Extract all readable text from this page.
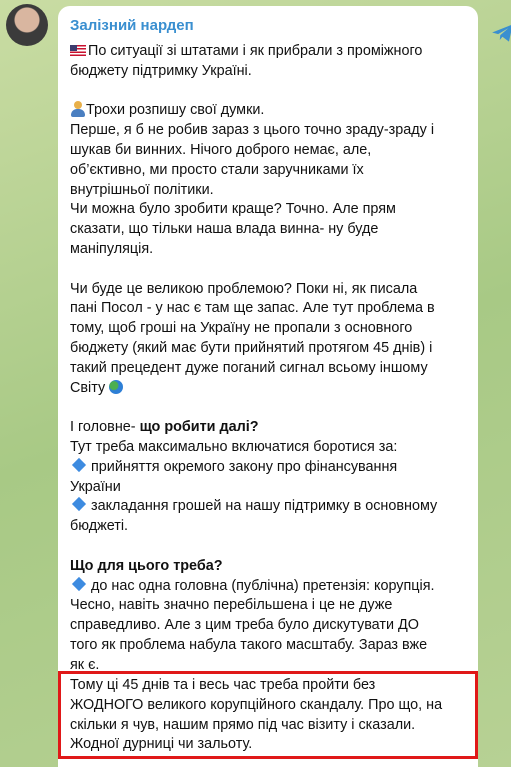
Залізний нардеп
По ситуації зі штатами і як прибрали з проміжного
бюджету підтримку Україні.
Трохи розпишу свої думки.
Перше, я б не робив зараз з цього точно зраду-зраду і
шукав би винних. Нічого доброго немає, але,
об’єктивно, ми просто стали заручниками їх
внутрішньої політики.
Чи можна було зробити краще? Точно. Але прям
сказати, що тільки наша влада винна- ну буде
маніпуляція.
Чи буде це великою проблемою? Поки ні, як писала
пані Посол - у нас є там ще запас. Але тут проблема в
тому, щоб гроші на Україну не пропали з основного
бюджету (який має бути прийнятий протягом 45 днів) і
такий прецедент дуже поганий сигнал всьому іншому
Світу
І головне- що робити далі?
Тут треба максимально включатися боротися за:
прийняття окремого закону про фінансування
України
закладання грошей на нашу підтримку в основному
бюджеті.
Що для цього треба?
до нас одна головна (публічна) претензія: корупція.
Чесно, навіть значно перебільшена і це не дуже
справедливо. Але з цим треба було дискутувати ДО
того як проблема набула такого масштабу. Зараз вже
як є.
Тому ці 45 днів та і весь час треба пройти без
ЖОДНОГО великого корупційного скандалу. Про що, на
скільки я чув, нашим прямо під час візиту і сказали.
Жодної дурниці чи зальоту.
